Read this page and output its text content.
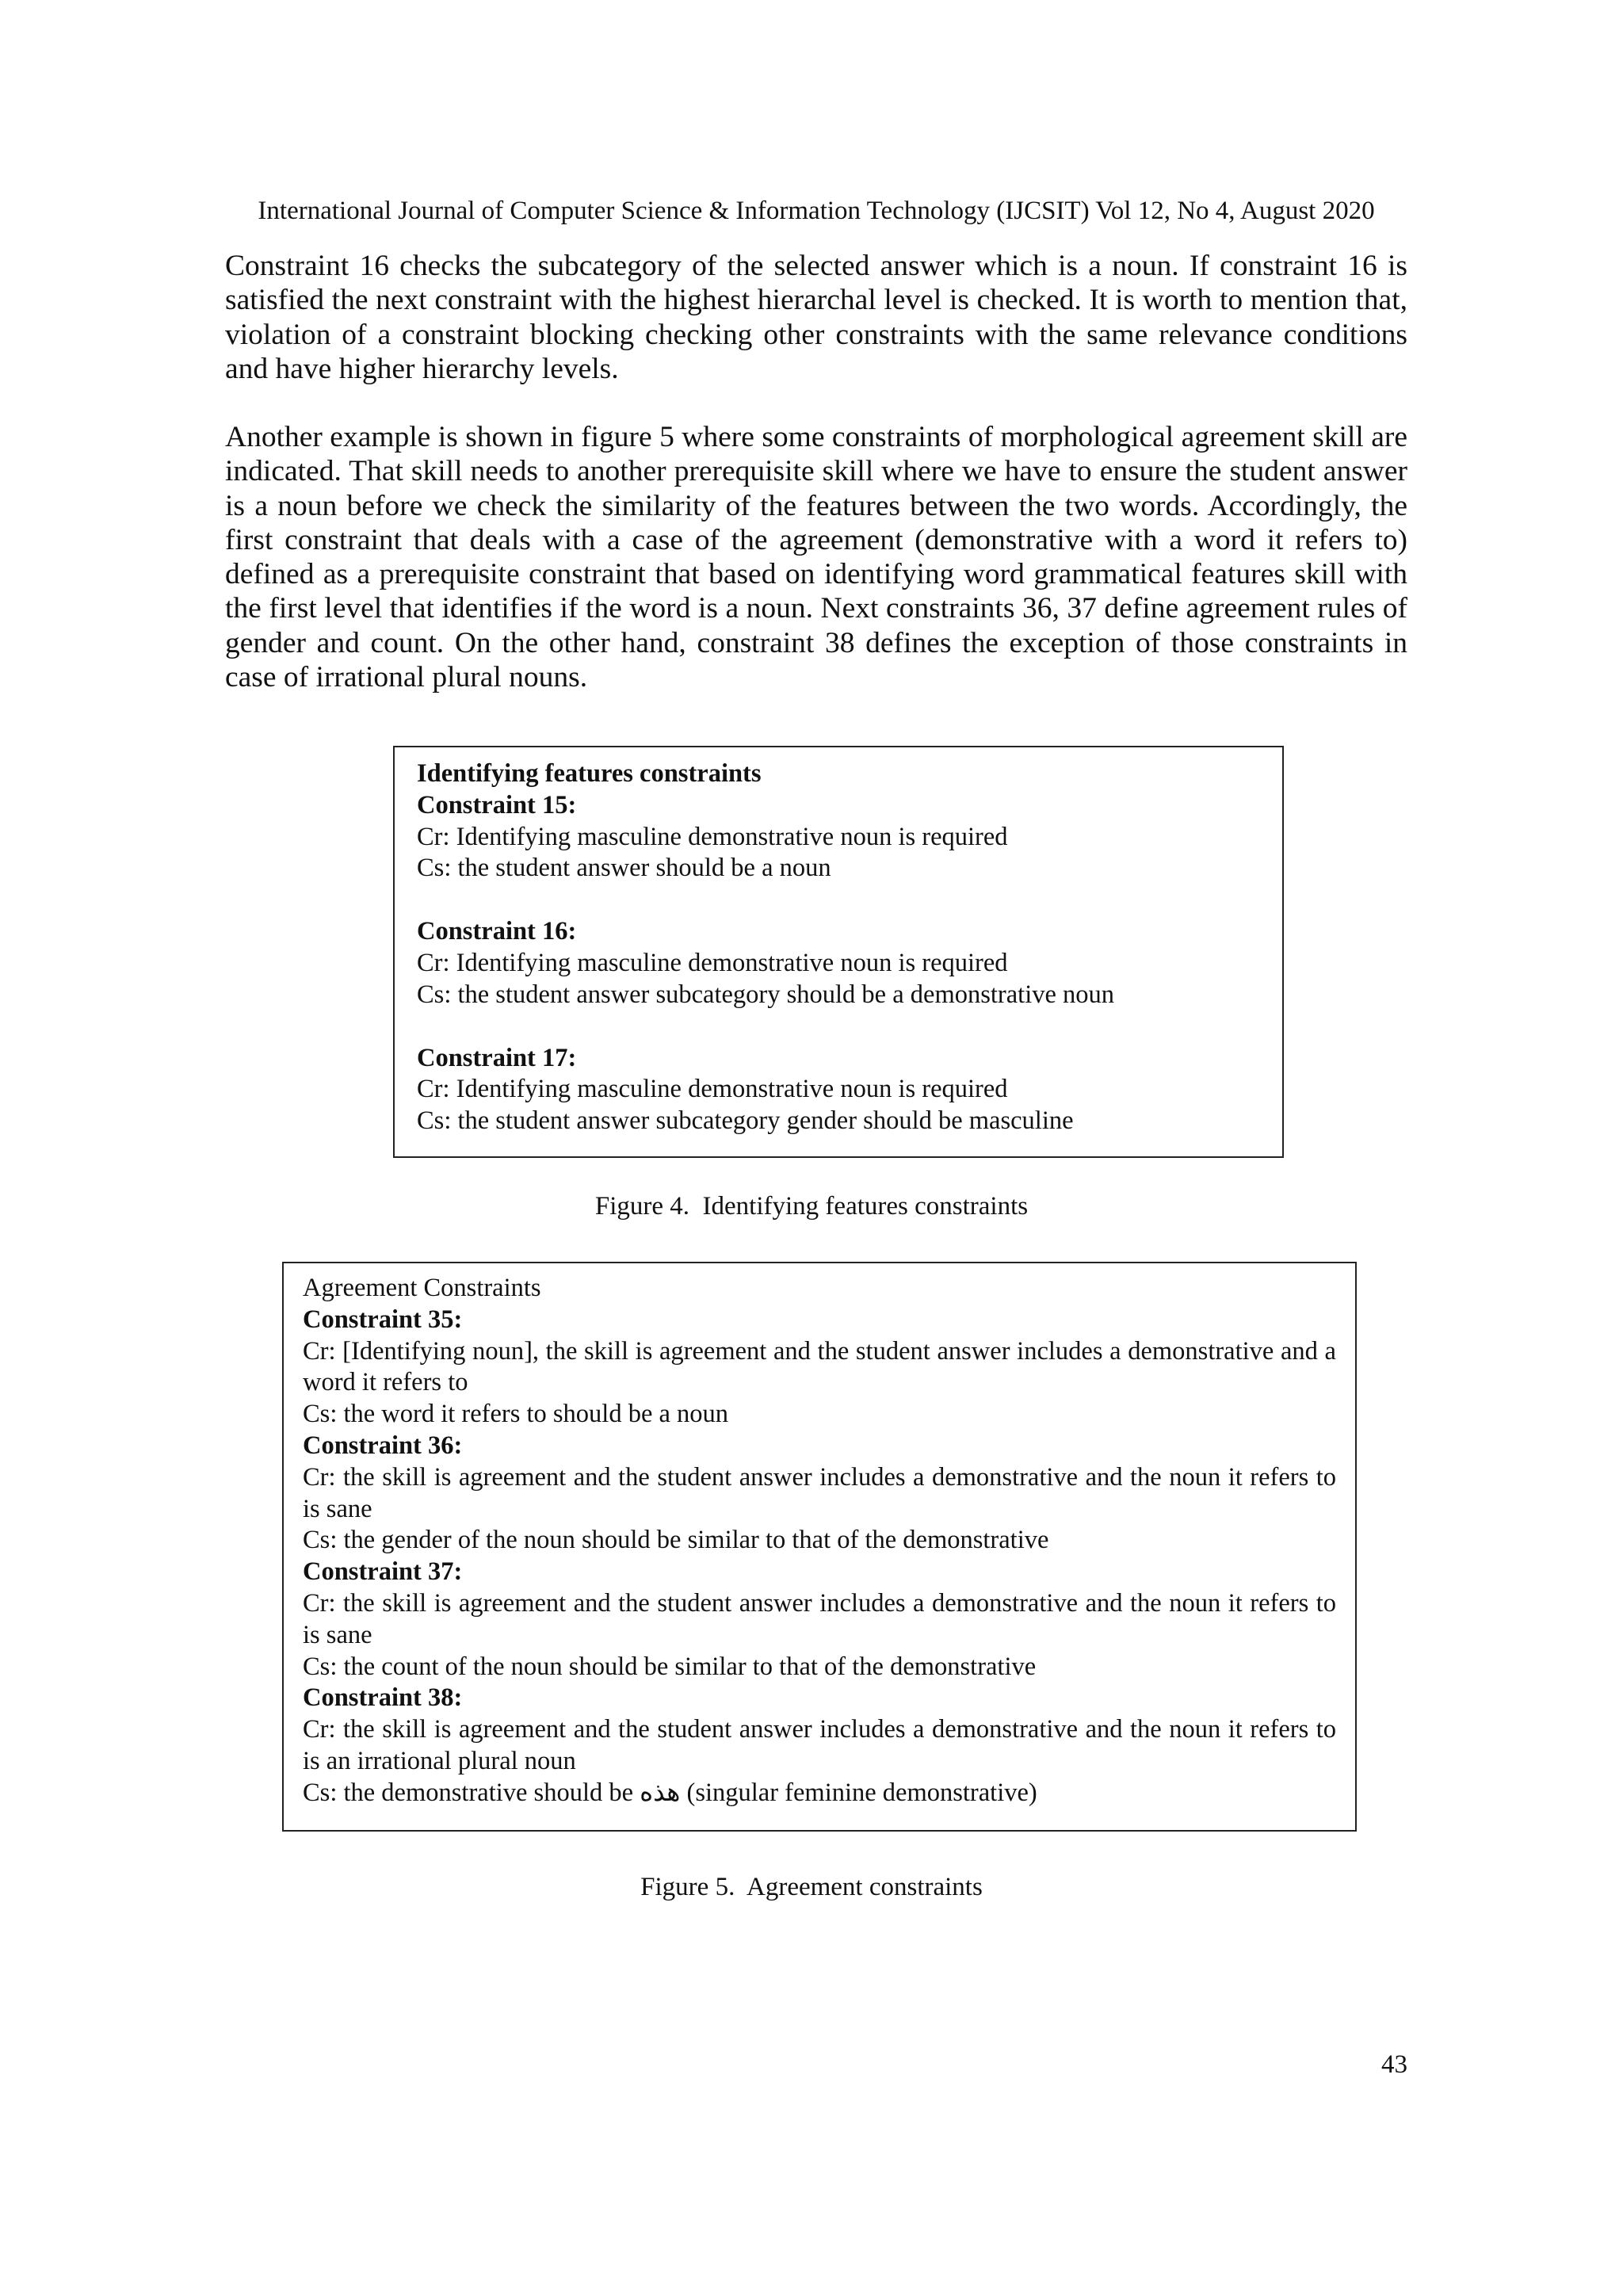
International Journal of Computer Science & Information Technology (IJCSIT) Vol 12, No 4, August 2020

Constraint 16 checks the subcategory of the selected answer which is a noun. If constraint 16 is satisfied the next constraint with the highest hierarchal level is checked. It is worth to mention that, violation of a constraint blocking checking other constraints with the same relevance conditions and have higher hierarchy levels.

Another example is shown in figure 5 where some constraints of morphological agreement skill are indicated. That skill needs to another prerequisite skill where we have to ensure the student answer is a noun before we check the similarity of the features between the two words. Accordingly, the first constraint that deals with a case of the agreement (demonstrative with a word it refers to) defined as a prerequisite constraint that based on identifying word grammatical features skill with the first level that identifies if the word is a noun. Next constraints 36, 37 define agreement rules of gender and count. On the other hand, constraint 38 defines the exception of those constraints in case of irrational plural nouns.

Identifying features constraints
Constraint 15:
Cr: Identifying masculine demonstrative noun is required
Cs: the student answer should be a noun
Constraint 16:
Cr: Identifying masculine demonstrative noun is required
Cs: the student answer subcategory should be a demonstrative noun
Constraint 17:
Cr: Identifying masculine demonstrative noun is required
Cs: the student answer subcategory gender should be masculine
Figure 4.  Identifying features constraints
Agreement Constraints
Constraint 35:
Cr: [Identifying noun], the skill is agreement and the student answer includes a demonstrative and a word it refers to
Cs: the word it refers to should be a noun
Constraint 36:
Cr: the skill is agreement and the student answer includes a demonstrative and the noun it refers to is sane
Cs: the gender of the noun should be similar to that of the demonstrative
Constraint 37:
Cr: the skill is agreement and the student answer includes a demonstrative and the noun it refers to is sane
Cs: the count of the noun should be similar to that of the demonstrative
Constraint 38:
Cr: the skill is agreement and the student answer includes a demonstrative and the noun it refers to is an irrational plural noun
Cs: the demonstrative should be هذه (singular feminine demonstrative)
Figure 5.  Agreement constraints
43
